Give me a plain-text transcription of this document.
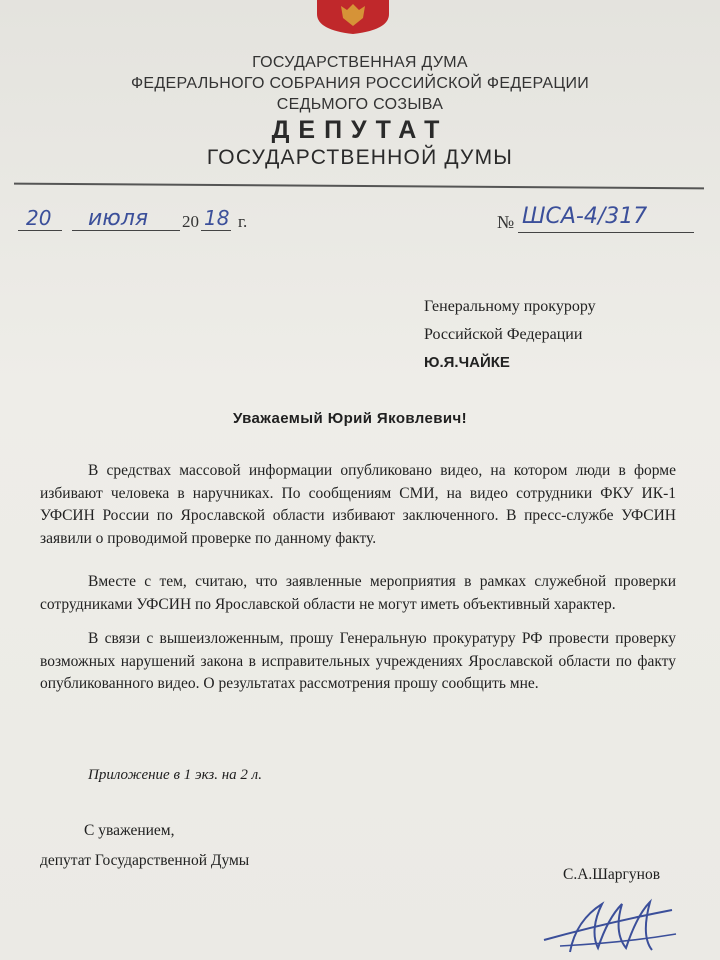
ГОСУДАРСТВЕННАЯ ДУМА
ФЕДЕРАЛЬНОГО СОБРАНИЯ РОССИЙСКОЙ ФЕДЕРАЦИИ
СЕДЬМОГО СОЗЫВА
ДЕПУТАТ
ГОСУДАРСТВЕННОЙ ДУМЫ
20 июля 20 18 г.	№ ШСА-4/317
Генеральному прокурору
Российской Федерации
Ю.Я.ЧАЙКЕ
Уважаемый Юрий Яковлевич!

В средствах массовой информации опубликовано видео, на котором люди в форме избивают человека в наручниках. По сообщениям СМИ, на видео сотрудники ФКУ ИК-1 УФСИН России по Ярославской области избивают заключенного. В пресс-службе УФСИН заявили о проводимой проверке по данному факту.

Вместе с тем, считаю, что заявленные мероприятия в рамках служебной проверки сотрудниками УФСИН по Ярославской области не могут иметь объективный характер.

В связи с вышеизложенным, прошу Генеральную прокуратуру РФ провести проверку возможных нарушений закона в исправительных учреждениях Ярославской области по факту опубликованного видео. О результатах рассмотрения прошу сообщить мне.

Приложение в 1 экз. на 2 л.
С уважением,
депутат Государственной Думы
С.А.Шаргунов
